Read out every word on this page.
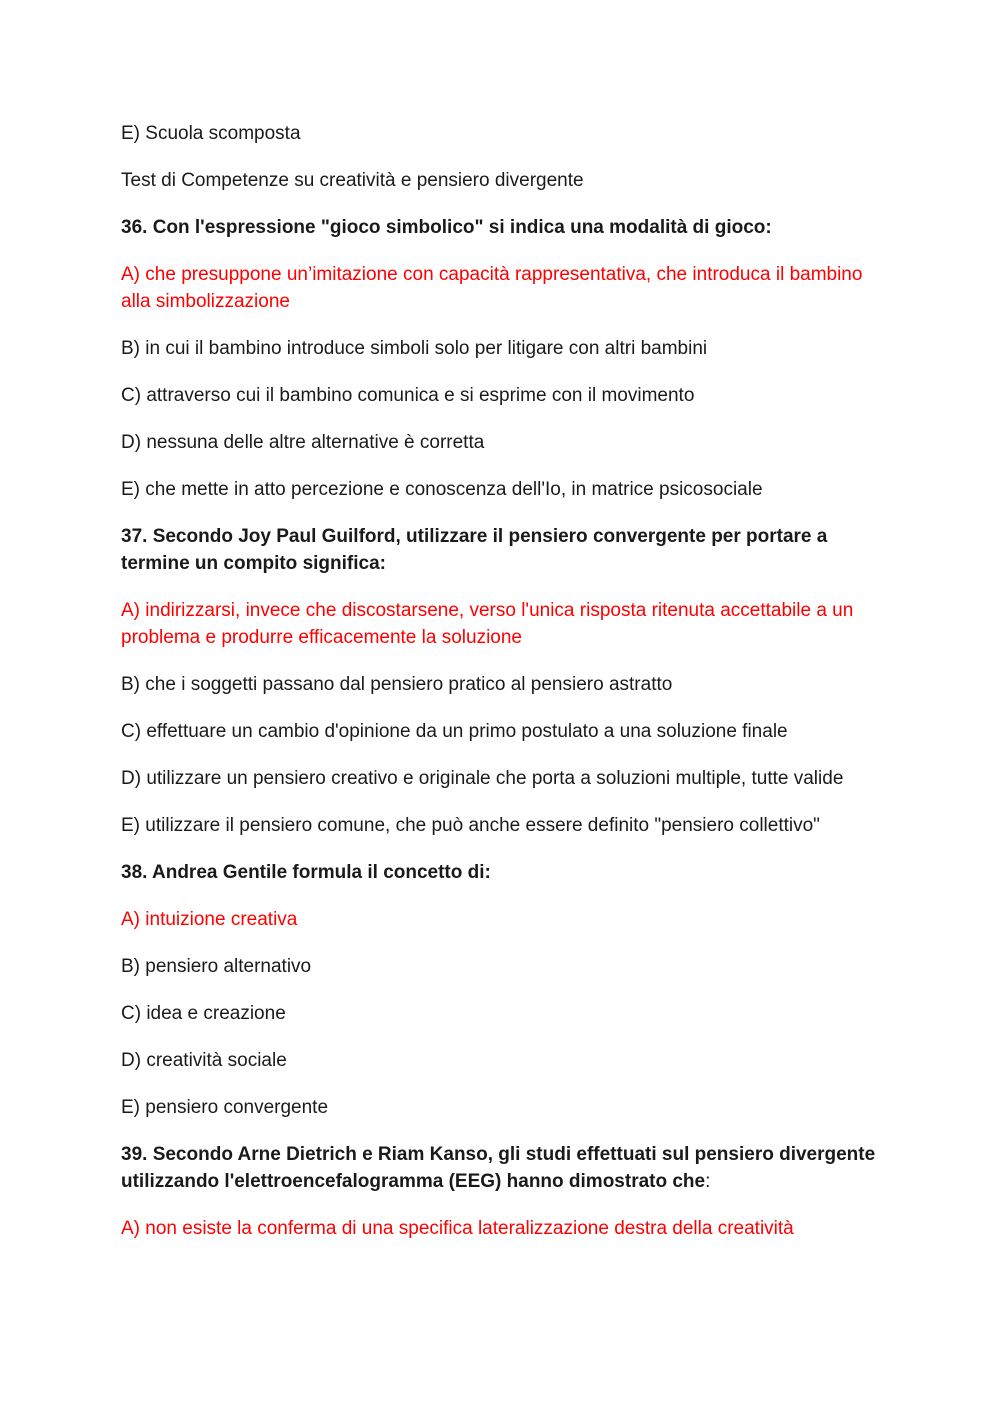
E) Scuola scomposta

Test di Competenze su creatività e pensiero divergente

36. Con l'espressione "gioco simbolico" si indica una modalità di gioco:

A) che presuppone un’imitazione con capacità rappresentativa, che introduca il bambino alla simbolizzazione

B) in cui il bambino introduce simboli solo per litigare con altri bambini

C) attraverso cui il bambino comunica e si esprime con il movimento

D) nessuna delle altre alternative è corretta

E) che mette in atto percezione e conoscenza dell'Io, in matrice psicosociale

37. Secondo Joy Paul Guilford, utilizzare il pensiero convergente per portare a termine un compito significa:

A) indirizzarsi, invece che discostarsene, verso l'unica risposta ritenuta accettabile a un problema e produrre efficacemente la soluzione

B) che i soggetti passano dal pensiero pratico al pensiero astratto

C) effettuare un cambio d'opinione da un primo postulato a una soluzione finale

D) utilizzare un pensiero creativo e originale che porta a soluzioni multiple, tutte valide

E) utilizzare il pensiero comune, che può anche essere definito "pensiero collettivo"

38. Andrea Gentile formula il concetto di:

A) intuizione creativa

B) pensiero alternativo

C) idea e creazione

D) creatività sociale

E) pensiero convergente

39. Secondo Arne Dietrich e Riam Kanso, gli studi effettuati sul pensiero divergente utilizzando l'elettroencefalogramma (EEG) hanno dimostrato che:

A) non esiste la conferma di una specifica lateralizzazione destra della creatività
